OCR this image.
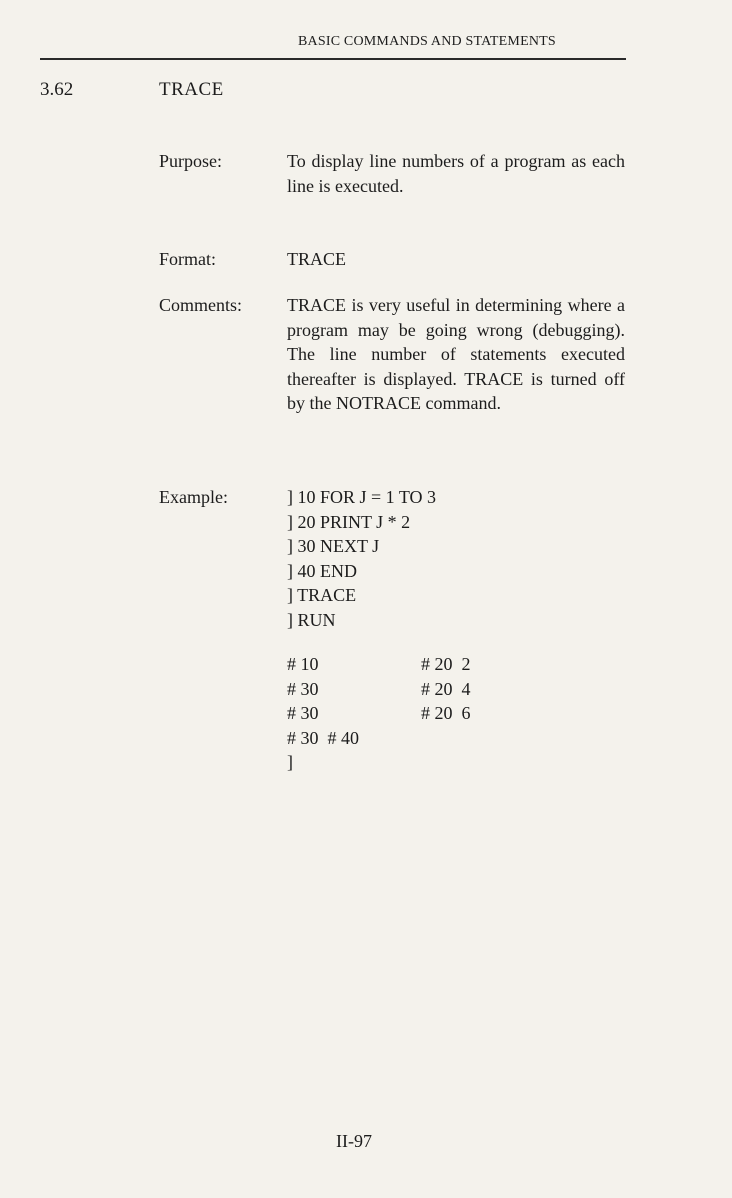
BASIC COMMANDS AND STATEMENTS
3.62	TRACE
Purpose:	To display line numbers of a program as each line is executed.
Format:	TRACE
Comments: TRACE is very useful in determining where a program may be going wrong (debugging). The line number of statements executed thereafter is displayed. TRACE is turned off by the NOTRACE command.
Example:	] 10 FOR J = 1 TO 3
] 20 PRINT J * 2
] 30 NEXT J
] 40 END
] TRACE
] RUN
# 10	# 20  2
# 30	# 20  4
# 30	# 20  6
# 30  # 40
]
II-97
